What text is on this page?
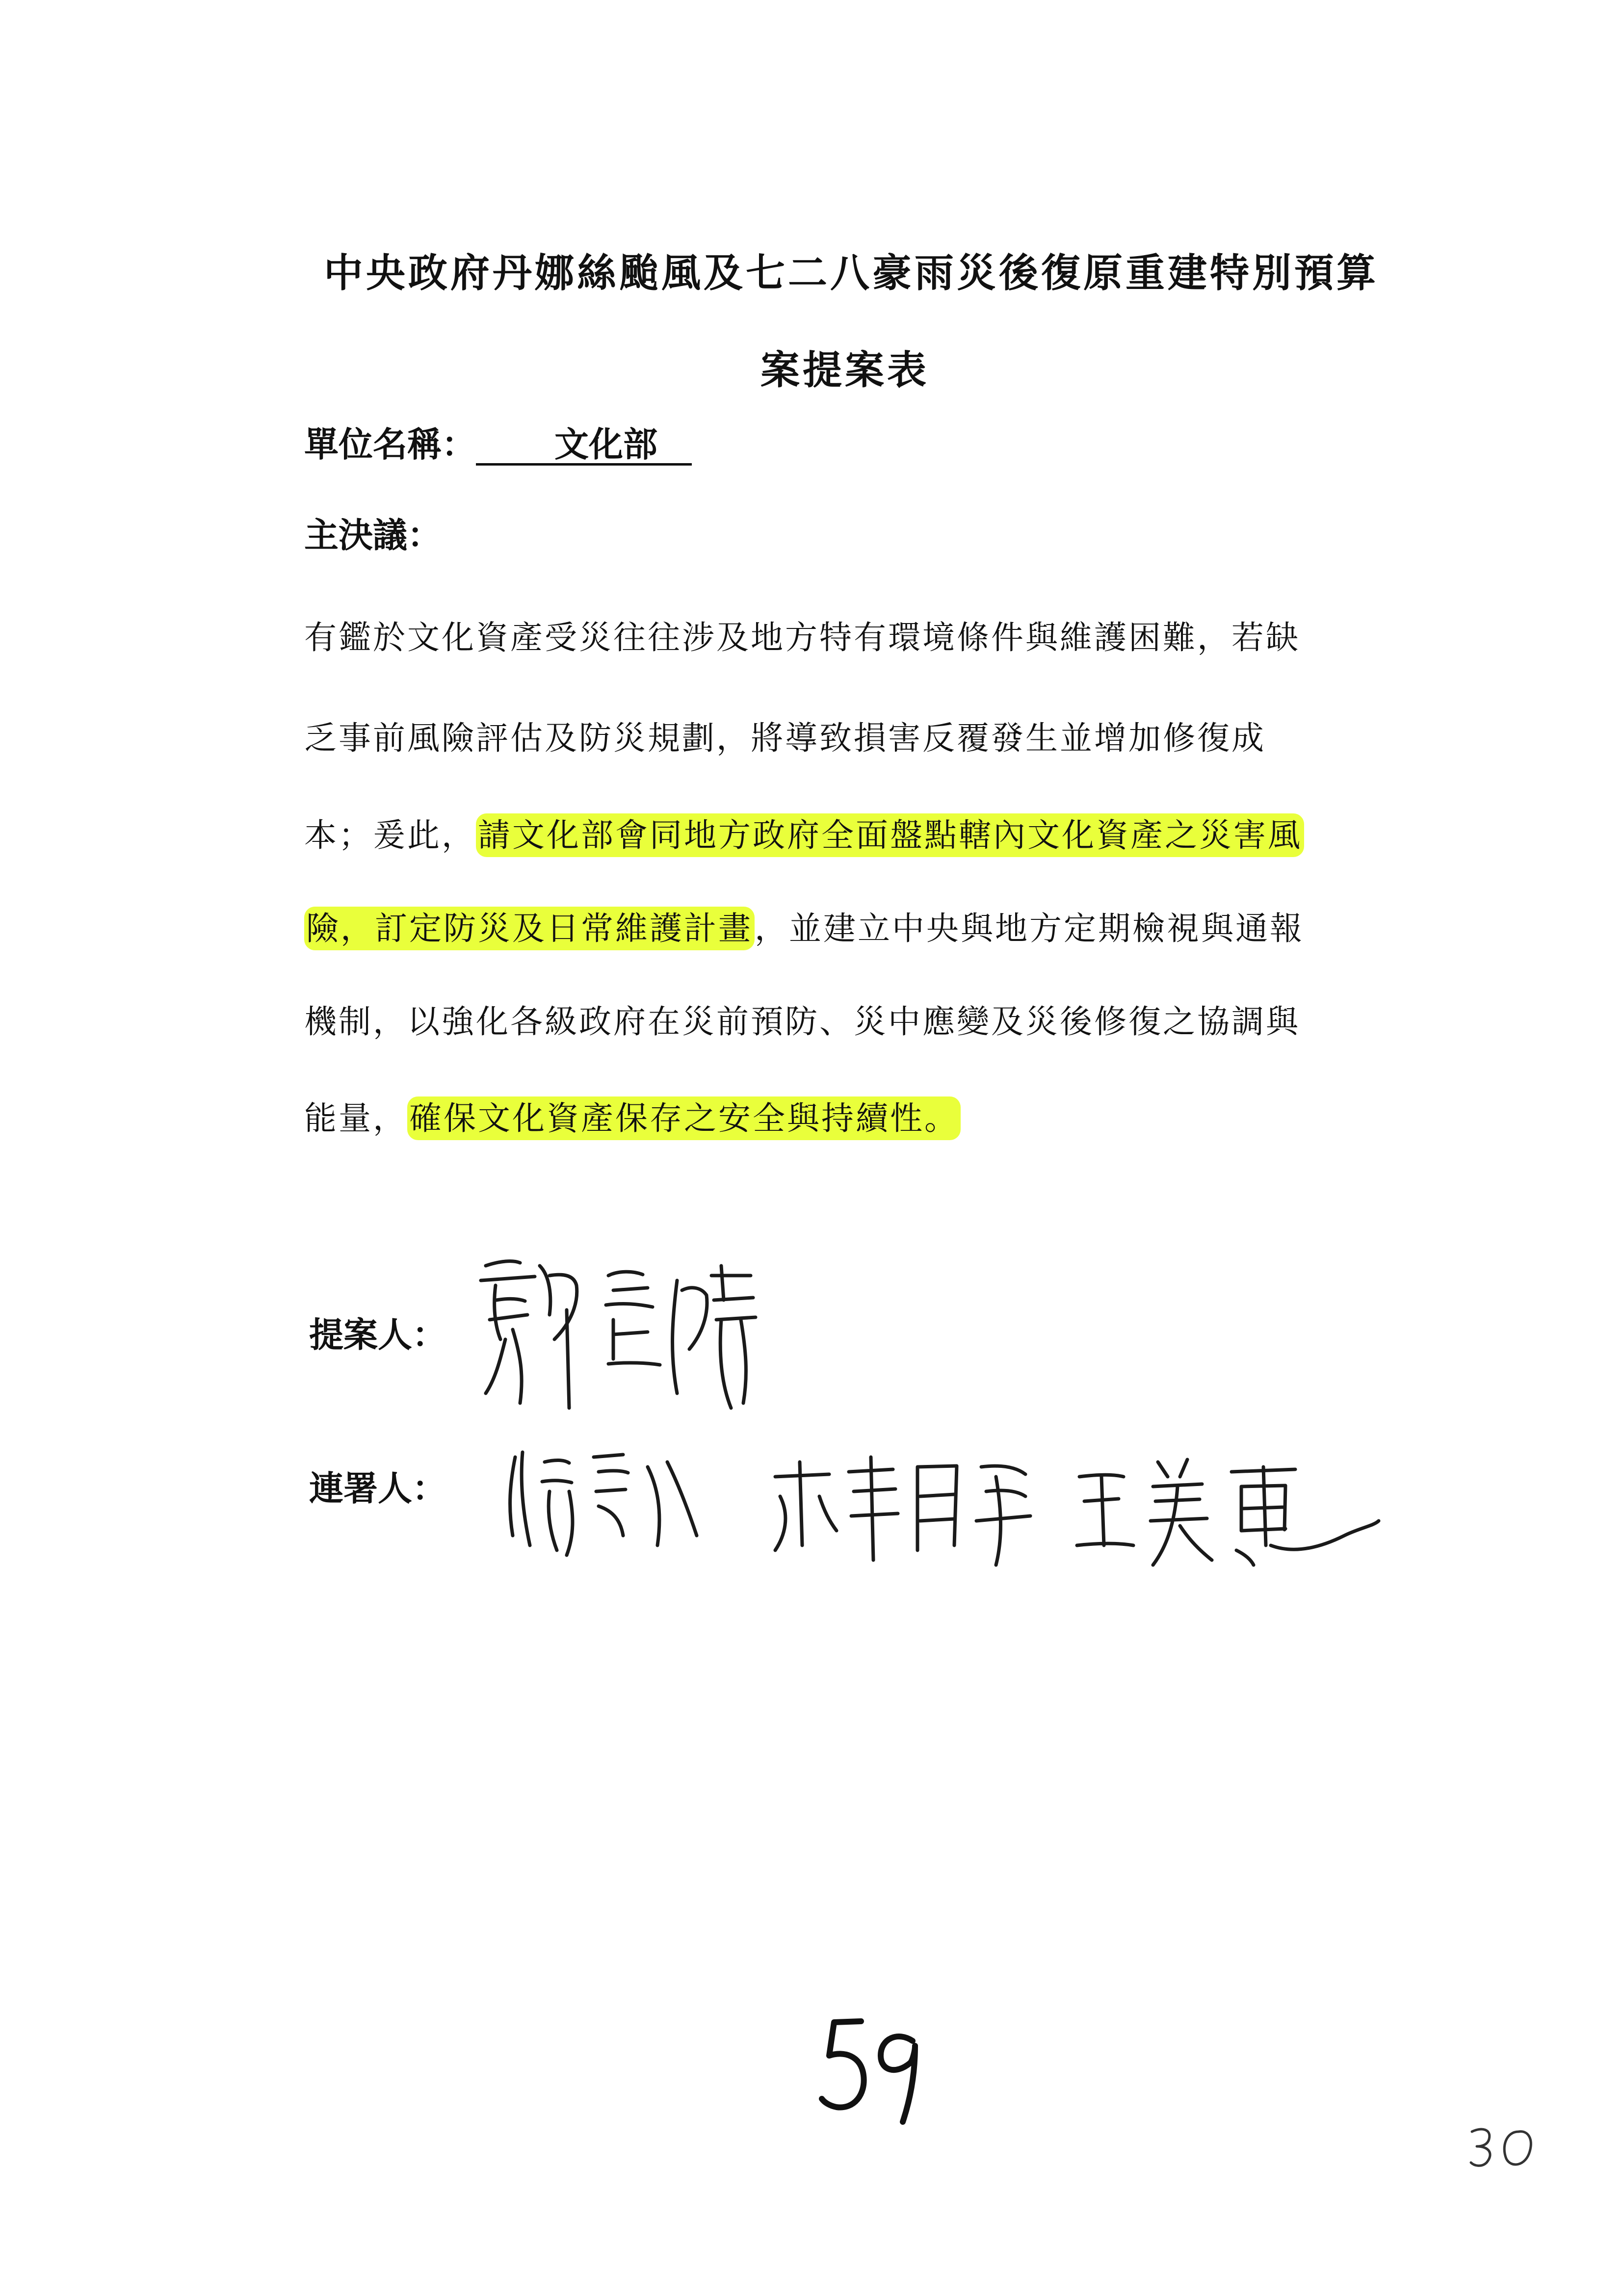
中央政府丹娜絲颱風及七二八豪雨災後復原重建特別預算
案提案表
單位名稱： 文化部
主決議：
有鑑於文化資產受災往往涉及地方特有環境條件與維護困難，若缺
乏事前風險評估及防災規劃，將導致損害反覆發生並增加修復成
本；爰此，請文化部會同地方政府全面盤點轄內文化資產之災害風
險，訂定防災及日常維護計畫，並建立中央與地方定期檢視與通報
機制，以強化各級政府在災前預防、災中應變及災後修復之協調與
能量，確保文化資產保存之安全與持續性。
提案人：
連署人：
